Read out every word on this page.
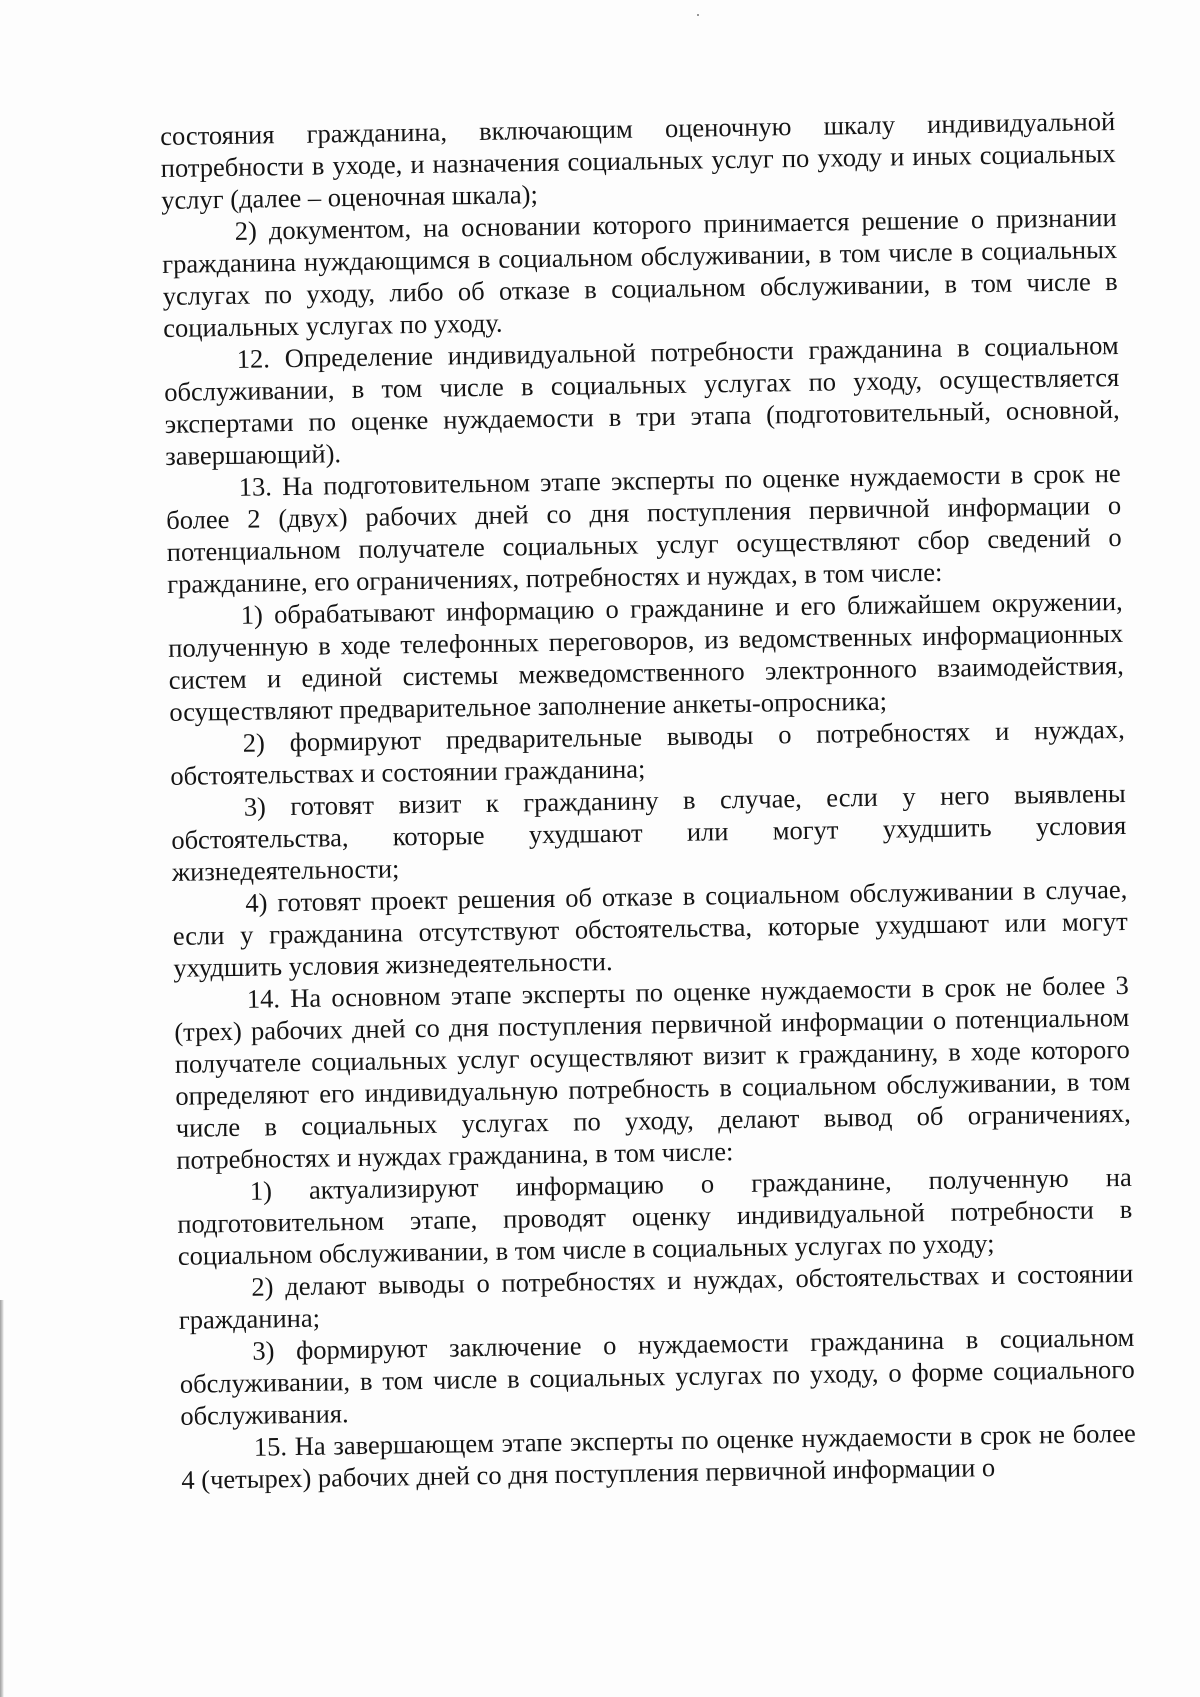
состояния гражданина, включающим оценочную шкалу индивидуальной потребности в уходе, и назначения социальных услуг по уходу и иных социальных услуг (далее – оценочная шкала);

2) документом, на основании которого принимается решение о признании гражданина нуждающимся в социальном обслуживании, в том числе в социальных услугах по уходу, либо об отказе в социальном обслуживании, в том числе в социальных услугах по уходу.

12. Определение индивидуальной потребности гражданина в социальном обслуживании, в том числе в социальных услугах по уходу, осуществляется экспертами по оценке нуждаемости в три этапа (подготовительный, основной, завершающий).

13. На подготовительном этапе эксперты по оценке нуждаемости в срок не более 2 (двух) рабочих дней со дня поступления первичной информации о потенциальном получателе социальных услуг осуществляют сбор сведений о гражданине, его ограничениях, потребностях и нуждах, в том числе:

1) обрабатывают информацию о гражданине и его ближайшем окружении, полученную в ходе телефонных переговоров, из ведомственных информационных систем и единой системы межведомственного электронного взаимодействия, осуществляют предварительное заполнение анкеты-опросника;

2) формируют предварительные выводы о потребностях и нуждах, обстоятельствах и состоянии гражданина;

3) готовят визит к гражданину в случае, если у него выявлены обстоятельства, которые ухудшают или могут ухудшить условия жизнедеятельности;

4) готовят проект решения об отказе в социальном обслуживании в случае, если у гражданина отсутствуют обстоятельства, которые ухудшают или могут ухудшить условия жизнедеятельности.

14. На основном этапе эксперты по оценке нуждаемости в срок не более 3 (трех) рабочих дней со дня поступления первичной информации о потенциальном получателе социальных услуг осуществляют визит к гражданину, в ходе которого определяют его индивидуальную потребность в социальном обслуживании, в том числе в социальных услугах по уходу, делают вывод об ограничениях, потребностях и нуждах гражданина, в том числе:

1) актуализируют информацию о гражданине, полученную на подготовительном этапе, проводят оценку индивидуальной потребности в социальном обслуживании, в том числе в социальных услугах по уходу;

2) делают выводы о потребностях и нуждах, обстоятельствах и состоянии гражданина;

3) формируют заключение о нуждаемости гражданина в социальном обслуживании, в том числе в социальных услугах по уходу, о форме социального обслуживания.

15. На завершающем этапе эксперты по оценке нуждаемости в срок не более 4 (четырех) рабочих дней со дня поступления первичной информации о
